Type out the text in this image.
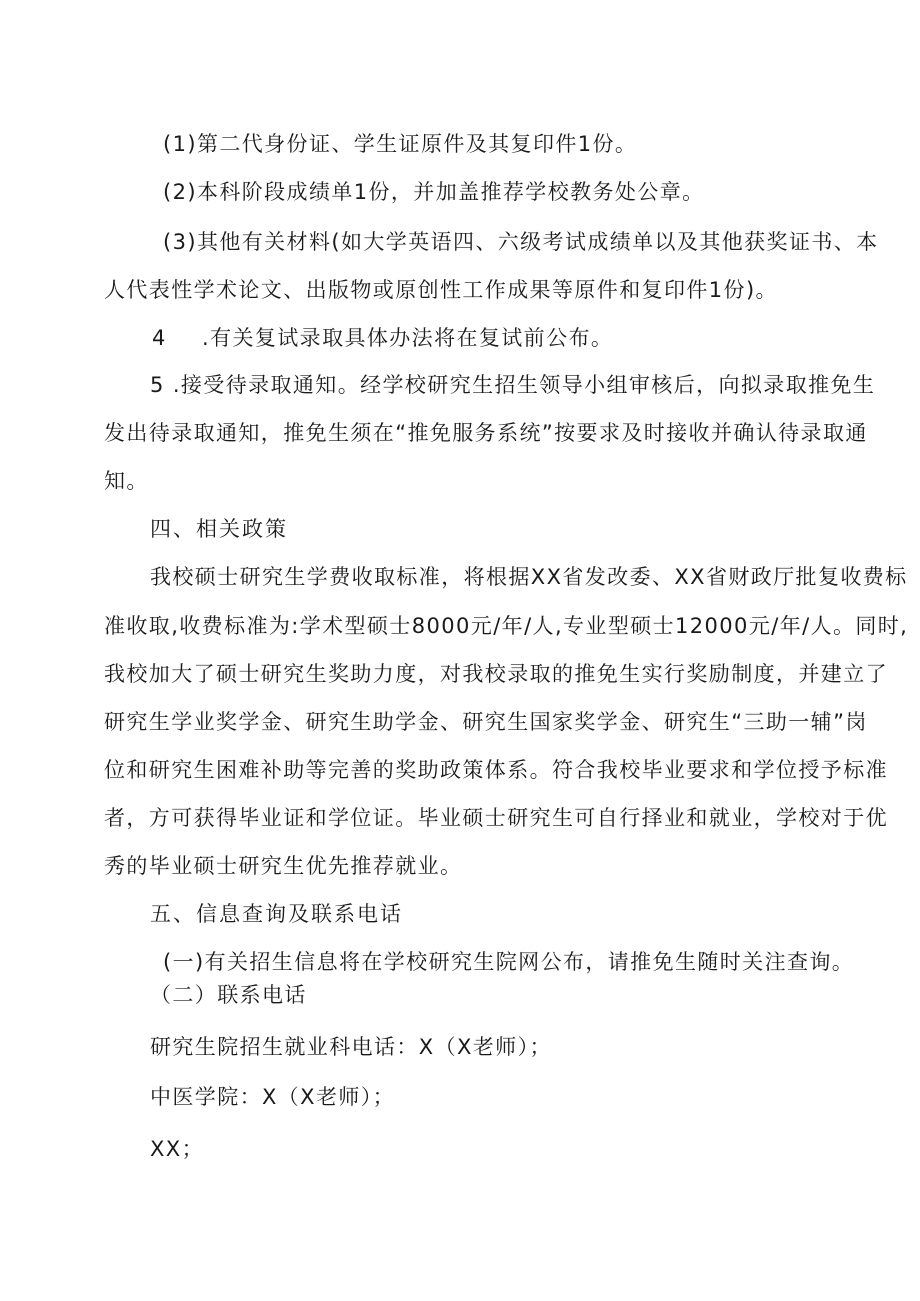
(1)第二代身份证、学生证原件及其复印件1份。
(2)本科阶段成绩单1份，并加盖推荐学校教务处公章。
(3)其他有关材料(如大学英语四、六级考试成绩单以及其他获奖证书、本
人代表性学术论文、出版物或原创性工作成果等原件和复印件1份)。
4 .有关复试录取具体办法将在复试前公布。
5 .接受待录取通知。经学校研究生招生领导小组审核后，向拟录取推免生
发出待录取通知，推免生须在“推免服务系统”按要求及时接收并确认待录取通
知。
四、相关政策
我校硕士研究生学费收取标准，将根据XX省发改委、XX省财政厅批复收费标
准收取,收费标准为:学术型硕士8000元/年/人,专业型硕士12000元/年/人。同时,
我校加大了硕士研究生奖助力度，对我校录取的推免生实行奖励制度，并建立了
研究生学业奖学金、研究生助学金、研究生国家奖学金、研究生“三助一辅”岗
位和研究生困难补助等完善的奖助政策体系。符合我校毕业要求和学位授予标准
者，方可获得毕业证和学位证。毕业硕士研究生可自行择业和就业，学校对于优
秀的毕业硕士研究生优先推荐就业。
五、信息查询及联系电话
(一)有关招生信息将在学校研究生院网公布，请推免生随时关注查询。
（二）联系电话
研究生院招生就业科电话：X（X老师）；
中医学院：X（X老师）；
XX；
